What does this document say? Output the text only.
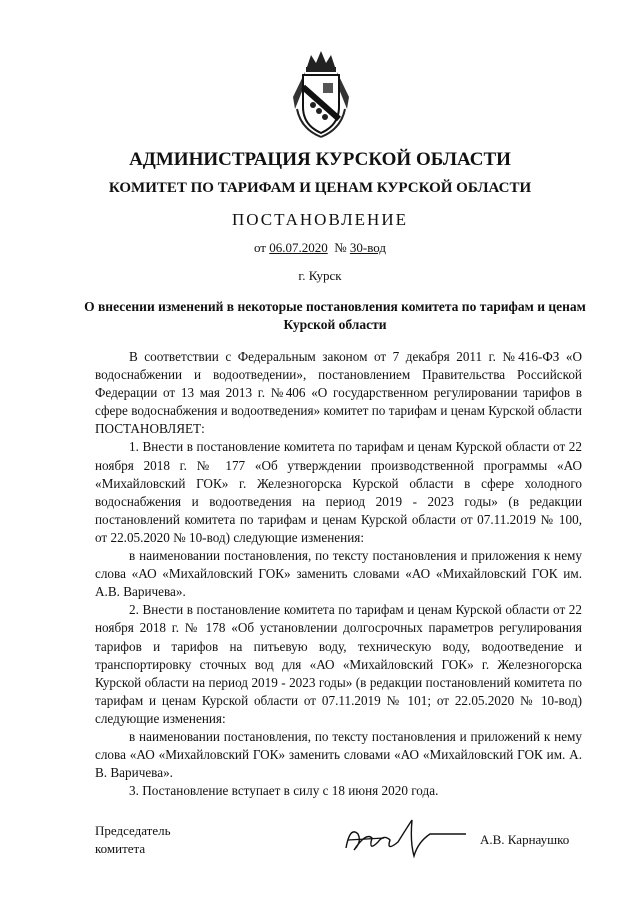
АДМИНИСТРАЦИЯ КУРСКОЙ ОБЛАСТИ
КОМИТЕТ ПО ТАРИФАМ И ЦЕНАМ КУРСКОЙ ОБЛАСТИ
ПОСТАНОВЛЕНИЕ
от 06.07.2020 № 30-вод
г. Курск
О внесении изменений в некоторые постановления комитета по тарифам и ценам Курской области

В соответствии с Федеральным законом от 7 декабря 2011 г. №416-ФЗ «О водоснабжении и водоотведении», постановлением Правительства Российской Федерации от 13 мая 2013 г. №406 «О государственном регулировании тарифов в сфере водоснабжения и водоотведения» комитет по тарифам и ценам Курской области ПОСТАНОВЛЯЕТ:

1. Внести в постановление комитета по тарифам и ценам Курской области от 22 ноября 2018 г. № 177 «Об утверждении производственной программы «АО «Михайловский ГОК» г. Железногорска Курской области в сфере холодного водоснабжения и водоотведения на период 2019 - 2023 годы» (в редакции постановлений комитета по тарифам и ценам Курской области от 07.11.2019 № 100, от 22.05.2020 № 10-вод) следующие изменения:

в наименовании постановления, по тексту постановления и приложения к нему слова «АО «Михайловский ГОК» заменить словами «АО «Михайловский ГОК им. А.В. Варичева».

2. Внести в постановление комитета по тарифам и ценам Курской области от 22 ноября 2018 г. № 178 «Об установлении долгосрочных параметров регулирования тарифов и тарифов на питьевую воду, техническую воду, водоотведение и транспортировку сточных вод для «АО «Михайловский ГОК» г. Железногорска Курской области на период 2019 - 2023 годы» (в редакции постановлений комитета по тарифам и ценам Курской области от 07.11.2019 № 101; от 22.05.2020 № 10-вод) следующие изменения:

в наименовании постановления, по тексту постановления и приложений к нему слова «АО «Михайловский ГОК» заменить словами «АО «Михайловский ГОК им. А. В. Варичева».

3. Постановление вступает в силу с 18 июня 2020 года.

Председатель
комитета
А.В. Карнаушко
